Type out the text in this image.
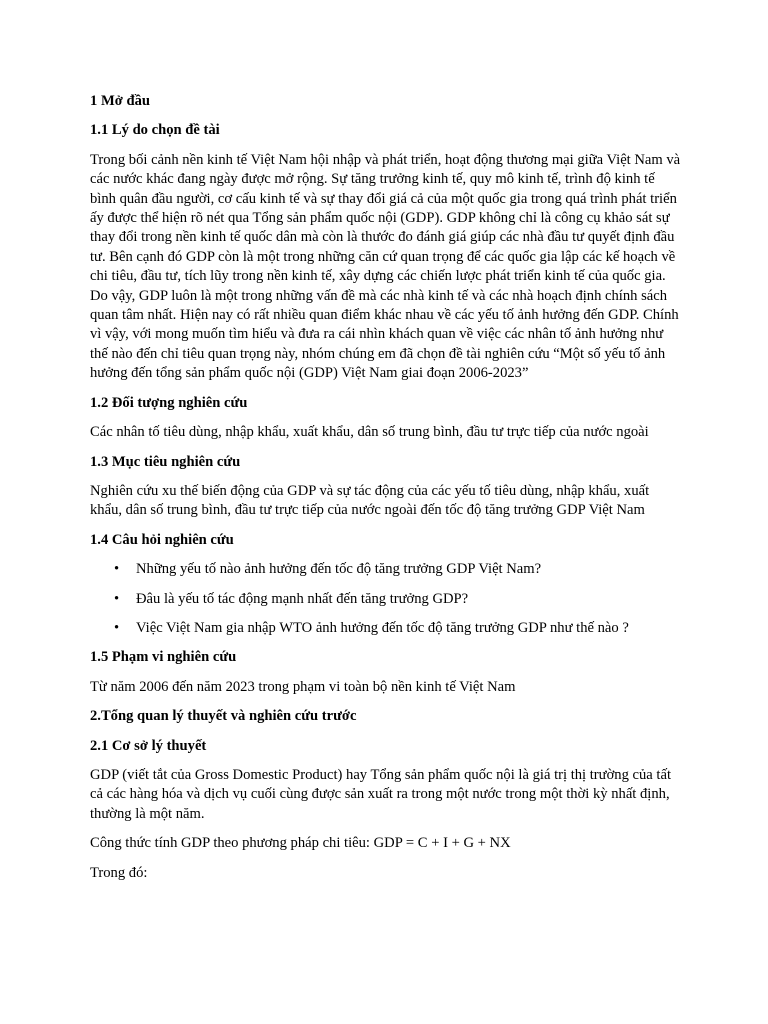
1 Mở đầu
1.1 Lý do chọn đề tài
Trong bối cảnh nền kinh tế Việt Nam hội nhập và phát triển, hoạt động thương mại giữa Việt Nam và các nước khác đang ngày được mở rộng. Sự tăng trưởng kinh tế, quy mô kinh tế, trình độ kinh tế bình quân đầu người, cơ cấu kinh tế và sự thay đổi giá cả của một quốc gia trong quá trình phát triển ấy được thể hiện rõ nét qua Tổng sản phẩm quốc nội (GDP). GDP không chỉ là công cụ khảo sát sự thay đổi trong nền kinh tế quốc dân mà còn là thước đo đánh giá giúp các nhà đầu tư quyết định đầu tư. Bên cạnh đó GDP còn là một trong những căn cứ quan trọng để các quốc gia lập các kế hoạch về chi tiêu, đầu tư, tích lũy trong nền kinh tế, xây dựng các chiến lược phát triển kinh tế của quốc gia. Do vậy, GDP luôn là một trong những vấn đề mà các nhà kinh tế và các nhà hoạch định chính sách quan tâm nhất. Hiện nay có rất nhiều quan điểm khác nhau về các yếu tố ảnh hưởng đến GDP. Chính vì vậy, với mong muốn tìm hiểu và đưa ra cái nhìn khách quan về việc các nhân tố ảnh hưởng như thế nào đến chỉ tiêu quan trọng này, nhóm chúng em đã chọn đề tài nghiên cứu “Một số yếu tố ảnh hưởng đến tổng sản phẩm quốc nội (GDP) Việt Nam giai đoạn 2006-2023”
1.2 Đối tượng nghiên cứu
Các nhân tố tiêu dùng, nhập khẩu, xuất khẩu, dân số trung bình, đầu tư trực tiếp của nước ngoài
1.3 Mục tiêu nghiên cứu
Nghiên cứu xu thế biến động của GDP và sự tác động của các yếu tố tiêu dùng, nhập khẩu, xuất khẩu, dân số trung bình, đầu tư trực tiếp của nước ngoài đến tốc độ tăng trưởng GDP Việt Nam
1.4 Câu hỏi nghiên cứu
• Những yếu tố nào ảnh hưởng đến tốc độ tăng trưởng GDP Việt Nam?
• Đâu là yếu tố tác động mạnh nhất đến tăng trưởng GDP?
• Việc Việt Nam gia nhập WTO ảnh hưởng đến tốc độ tăng trưởng GDP như thế nào ?
1.5 Phạm vi nghiên cứu
Từ năm 2006 đến năm 2023 trong phạm vi toàn bộ nền kinh tế Việt Nam
2.Tổng quan lý thuyết và nghiên cứu trước
2.1 Cơ sở lý thuyết
GDP (viết tắt của Gross Domestic Product) hay Tổng sản phẩm quốc nội là giá trị thị trường của tất cả các hàng hóa và dịch vụ cuối cùng được sản xuất ra trong một nước trong một thời kỳ nhất định, thường là một năm.
Công thức tính GDP theo phương pháp chi tiêu: GDP = C + I + G + NX
Trong đó:
